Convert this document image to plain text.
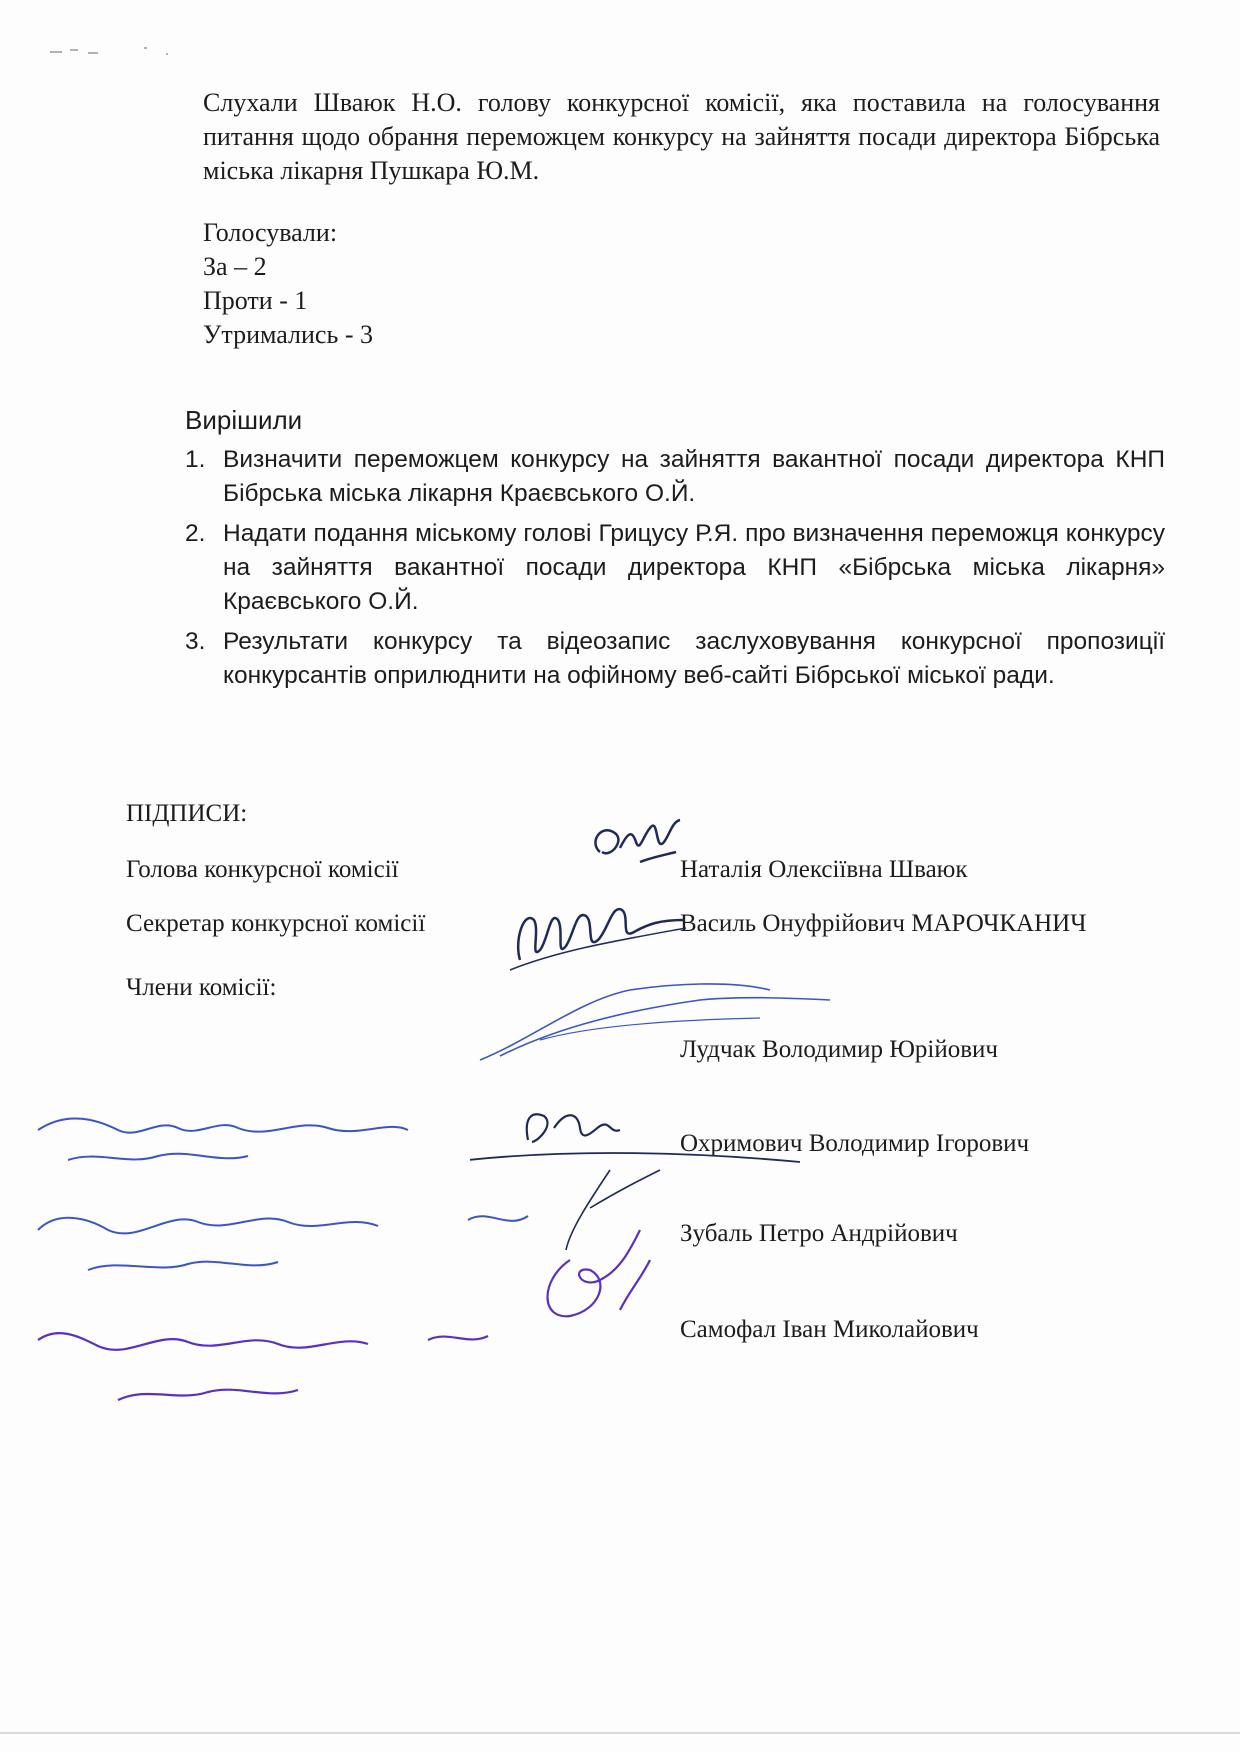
Слухали Шваюк Н.О. голову конкурсної комісії, яка поставила на голосування питання щодо обрання переможцем конкурсу на зайняття посади директора Бібрська міська лікарня Пушкара Ю.М.
Голосували:
За – 2
Проти - 1
Утримались - 3
Вирішили
1. Визначити переможцем конкурсу на зайняття вакантної посади директора КНП Бібрська міська лікарня Краєвського О.Й.
2. Надати подання міському голові Грицусу Р.Я. про визначення переможця конкурсу на зайняття вакантної посади директора КНП «Бібрська міська лікарня» Краєвського О.Й.
3. Результати конкурсу та відеозапис заслуховування конкурсної пропозиції конкурсантів оприлюднити на офійному веб-сайті Бібрської міської ради.
ПІДПИСИ:
Голова конкурсної комісії	Наталія Олексіївна Шваюк
Секретар конкурсної комісії	Василь Онуфрійович МАРОЧКАНИЧ
Члени комісії:
Лудчак Володимир Юрійович
Охримович Володимир Ігорович
Зубаль Петро Андрійович
Самофал Іван Миколайович
